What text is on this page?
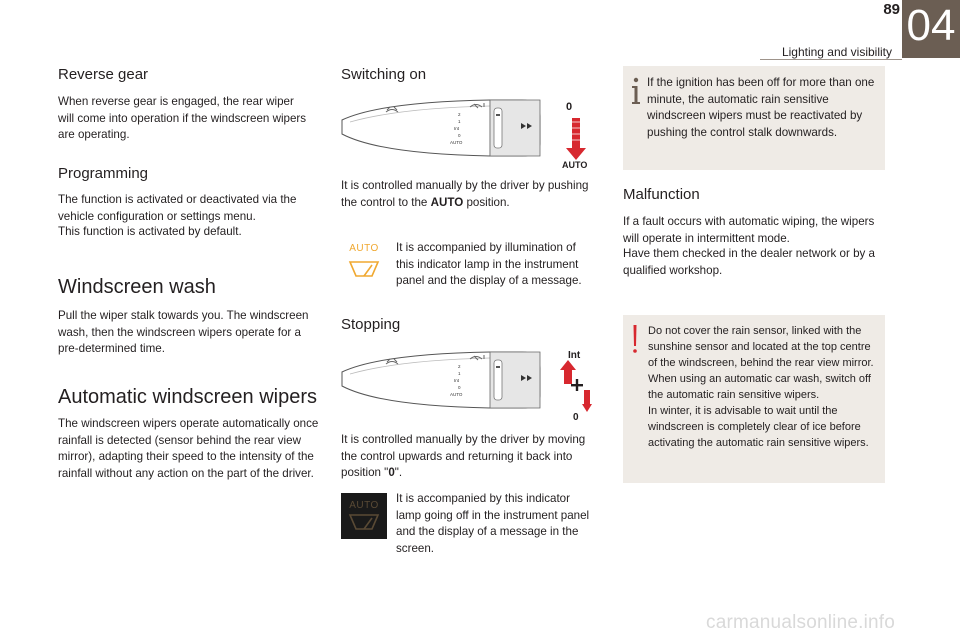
89
Lighting and visibility
04
Reverse gear

When reverse gear is engaged, the rear wiper will come into operation if the windscreen wipers are operating.

Programming

The function is activated or deactivated via the vehicle configuration or settings menu.

This function is activated by default.

Windscreen wash

Pull the wiper stalk towards you. The windscreen wash, then the windscreen wipers operate for a pre-determined time.

Automatic windscreen wipers

The windscreen wipers operate automatically once rainfall is detected (sensor behind the rear view mirror), adapting their speed to the intensity of the rainfall without any action on the part of the driver.

Switching on
2
1
Int
0
AUTO
0
AUTO

It is controlled manually by the driver by pushing the control to the AUTO position.

AUTO	It is accompanied by illumination of this indicator lamp in the instrument panel and the display of a message.

Stopping
2
1
Int
0
AUTO
Int
0

It is controlled manually by the driver by moving the control upwards and returning it back into position "0".

AUTO

It is accompanied by this indicator lamp going off in the instrument panel and the display of a message in the screen.

If the ignition has been off for more than one minute, the automatic rain sensitive windscreen wipers must be reactivated by pushing the control stalk downwards.

Malfunction

If a fault occurs with automatic wiping, the wipers will operate in intermittent mode.

Have them checked in the dealer network or by a qualified workshop.

Do not cover the rain sensor, linked with the sunshine sensor and located at the top centre of the windscreen, behind the rear view mirror.

When using an automatic car wash, switch off the automatic rain sensitive wipers.

In winter, it is advisable to wait until the windscreen is completely clear of ice before activating the automatic rain sensitive wipers.

carmanualsonline.info
